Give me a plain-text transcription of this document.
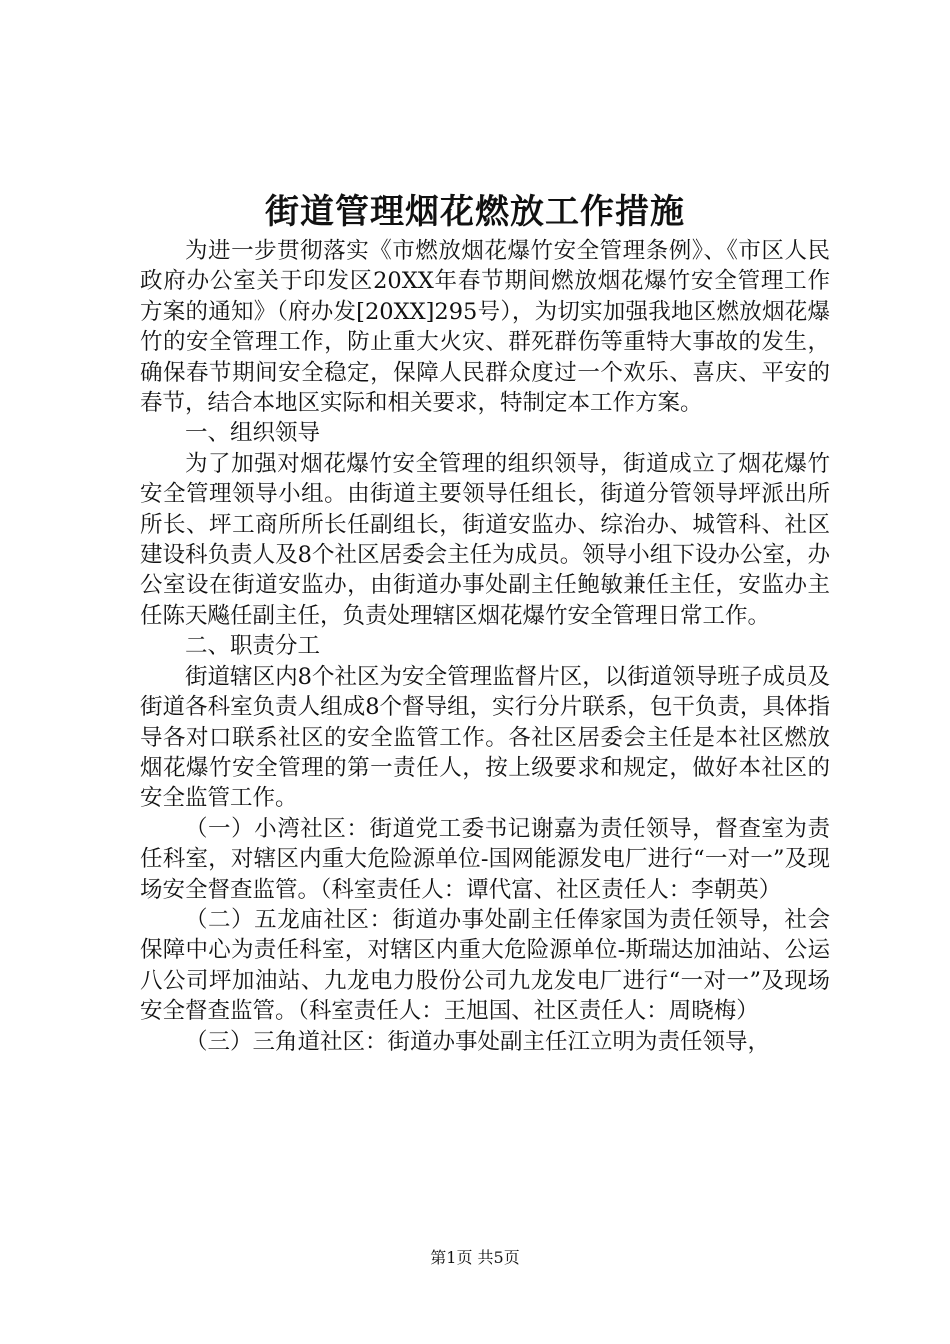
街道管理烟花燃放工作措施

为进一步贯彻落实《市燃放烟花爆竹安全管理条例》、《市区人民政府办公室关于印发区20XX年春节期间燃放烟花爆竹安全管理工作方案的通知》（府办发[20XX]295号），为切实加强我地区燃放烟花爆竹的安全管理工作，防止重大火灾、群死群伤等重特大事故的发生，确保春节期间安全稳定，保障人民群众度过一个欢乐、喜庆、平安的春节，结合本地区实际和相关要求，特制定本工作方案。

一、组织领导

为了加强对烟花爆竹安全管理的组织领导，街道成立了烟花爆竹安全管理领导小组。由街道主要领导任组长，街道分管领导坪派出所所长、坪工商所所长任副组长，街道安监办、综治办、城管科、社区建设科负责人及8个社区居委会主任为成员。领导小组下设办公室，办公室设在街道安监办，由街道办事处副主任鲍敏兼任主任，安监办主任陈天飚任副主任，负责处理辖区烟花爆竹安全管理日常工作。

二、职责分工

街道辖区内8个社区为安全管理监督片区，以街道领导班子成员及街道各科室负责人组成8个督导组，实行分片联系，包干负责，具体指导各对口联系社区的安全监管工作。各社区居委会主任是本社区燃放烟花爆竹安全管理的第一责任人，按上级要求和规定，做好本社区的安全监管工作。

（一）小湾社区：街道党工委书记谢嘉为责任领导，督查室为责任科室，对辖区内重大危险源单位-国网能源发电厂进行“一对一”及现场安全督查监管。（科室责任人：谭代富、社区责任人：李朝英）

（二）五龙庙社区：街道办事处副主任俸家国为责任领导，社会保障中心为责任科室，对辖区内重大危险源单位-斯瑞达加油站、公运八公司坪加油站、九龙电力股份公司九龙发电厂进行“一对一”及现场安全督查监管。（科室责任人：王旭国、社区责任人：周晓梅）

（三）三角道社区：街道办事处副主任江立明为责任领导，

第1页 共5页
